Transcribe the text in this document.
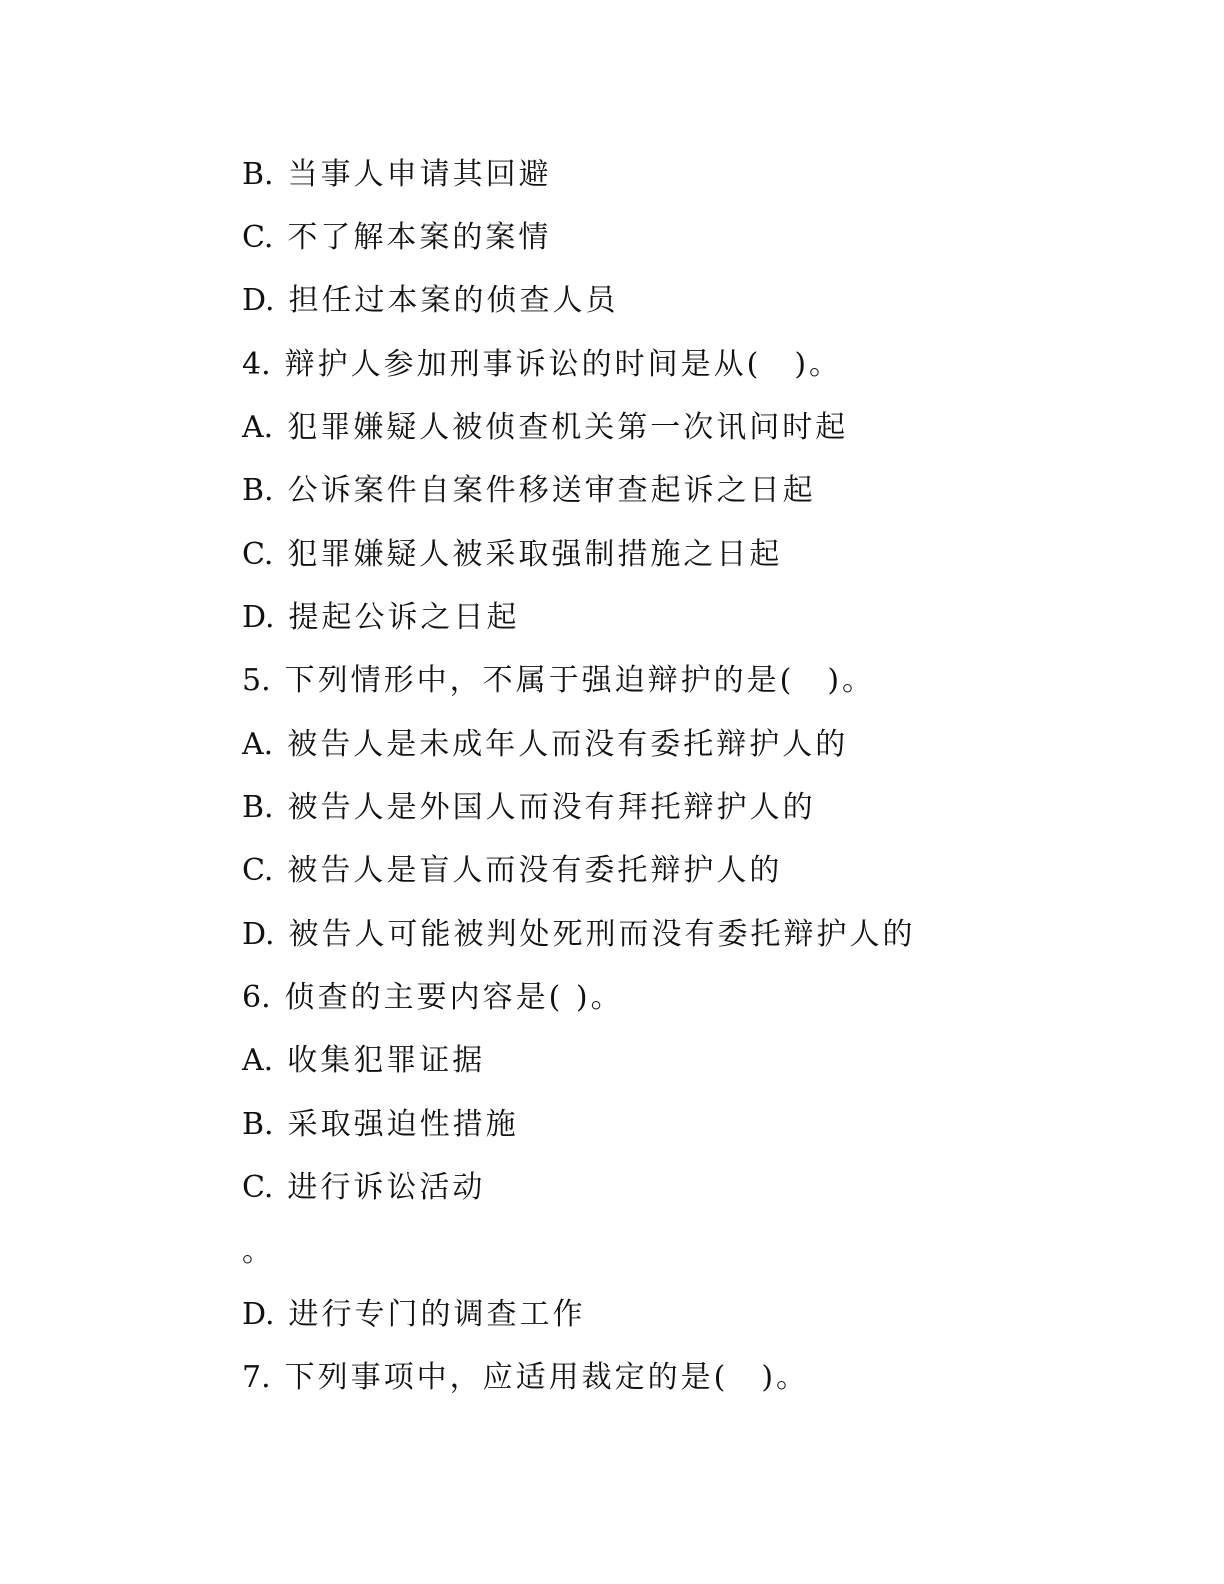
B. 当事人申请其回避
C. 不了解本案的案情
D. 担任过本案的侦查人员
4. 辩护人参加刑事诉讼的时间是从(　)。
A. 犯罪嫌疑人被侦查机关第一次讯问时起
B. 公诉案件自案件移送审查起诉之日起
C. 犯罪嫌疑人被采取强制措施之日起
D. 提起公诉之日起
5. 下列情形中，不属于强迫辩护的是(　)。
A. 被告人是未成年人而没有委托辩护人的
B. 被告人是外国人而没有拜托辩护人的
C. 被告人是盲人而没有委托辩护人的
D. 被告人可能被判处死刑而没有委托辩护人的
6. 侦查的主要内容是( )。
A. 收集犯罪证据
B. 采取强迫性措施
C. 进行诉讼活动
。
D. 进行专门的调查工作
7. 下列事项中，应适用裁定的是(　)。
